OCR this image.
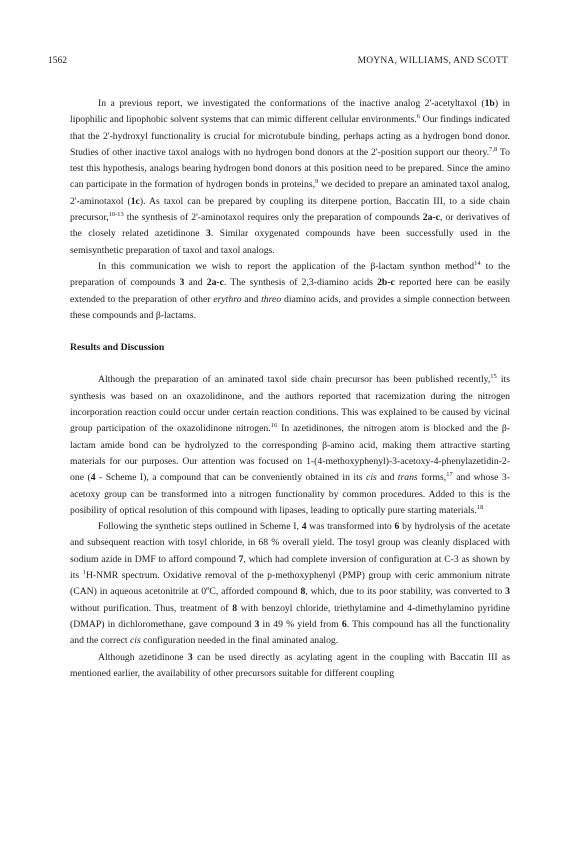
1562	MOYNA, WILLIAMS, AND SCOTT

In a previous report, we investigated the conformations of the inactive analog 2'-acetyltaxol (1b) in lipophilic and lipophobic solvent systems that can mimic different cellular environments.$^6$ Our findings indicated that the 2'-hydroxyl functionality is crucial for microtubule binding, perhaps acting as a hydrogen bond donor. Studies of other inactive taxol analogs with no hydrogen bond donors at the 2'-position support our theory.$^{7,8}$ To test this hypothesis, analogs bearing hydrogen bond donors at this position need to be prepared. Since the amino can participate in the formation of hydrogen bonds in proteins,$^9$ we decided to prepare an aminated taxol analog, 2'-aminotaxol (1c). As taxol can be prepared by coupling its diterpene portion, Baccatin III, to a side chain precursor,$^{10-13}$ the synthesis of 2'-aminotaxol requires only the preparation of compounds 2a-c, or derivatives of the closely related azetidinone 3. Similar oxygenated compounds have been successfully used in the semisynthetic preparation of taxol and taxol analogs.

In this communication we wish to report the application of the β-lactam synthon method$^{14}$ to the preparation of compounds 3 and 2a-c. The synthesis of 2,3-diamino acids 2b-c reported here can be easily extended to the preparation of other erythro and threo diamino acids, and provides a simple connection between these compounds and β-lactams.

Results and Discussion

Although the preparation of an aminated taxol side chain precursor has been published recently,$^{15}$ its synthesis was based on an oxazolidinone, and the authors reported that racemization during the nitrogen incorporation reaction could occur under certain reaction conditions. This was explained to be caused by vicinal group participation of the oxazolidinone nitrogen.$^{16}$ In azetidinones, the nitrogen atom is blocked and the β-lactam amide bond can be hydrolyzed to the corresponding β-amino acid, making them attractive starting materials for our purposes. Our attention was focused on 1-(4-methoxyphenyl)-3-acetoxy-4-phenylazetidin-2-one (4 - Scheme I), a compound that can be conveniently obtained in its cis and trans forms,$^{17}$ and whose 3-acetoxy group can be transformed into a nitrogen functionality by common procedures. Added to this is the posibility of optical resolution of this compound with lipases, leading to optically pure starting materials.$^{18}$

Following the synthetic steps outlined in Scheme I, 4 was transformed into 6 by hydrolysis of the acetate and subsequent reaction with tosyl chloride, in 68 % overall yield. The tosyl group was cleanly displaced with sodium azide in DMF to afford compound 7, which had complete inversion of configuration at C-3 as shown by its $^1$H-NMR spectrum. Oxidative removal of the p-methoxyphenyl (PMP) group with ceric ammonium nitrate (CAN) in aqueous acetonitrile at 0$^o$C, afforded compound 8, which, due to its poor stability, was converted to 3 without purification. Thus, treatment of 8 with benzoyl chloride, triethylamine and 4-dimethylamino pyridine (DMAP) in dichloromethane, gave compound 3 in 49 % yield from 6. This compound has all the functionality and the correct cis configuration needed in the final aminated analog.

Although azetidinone 3 can be used directly as acylating agent in the coupling with Baccatin III as mentioned earlier, the availability of other precursors suitable for different coupling
